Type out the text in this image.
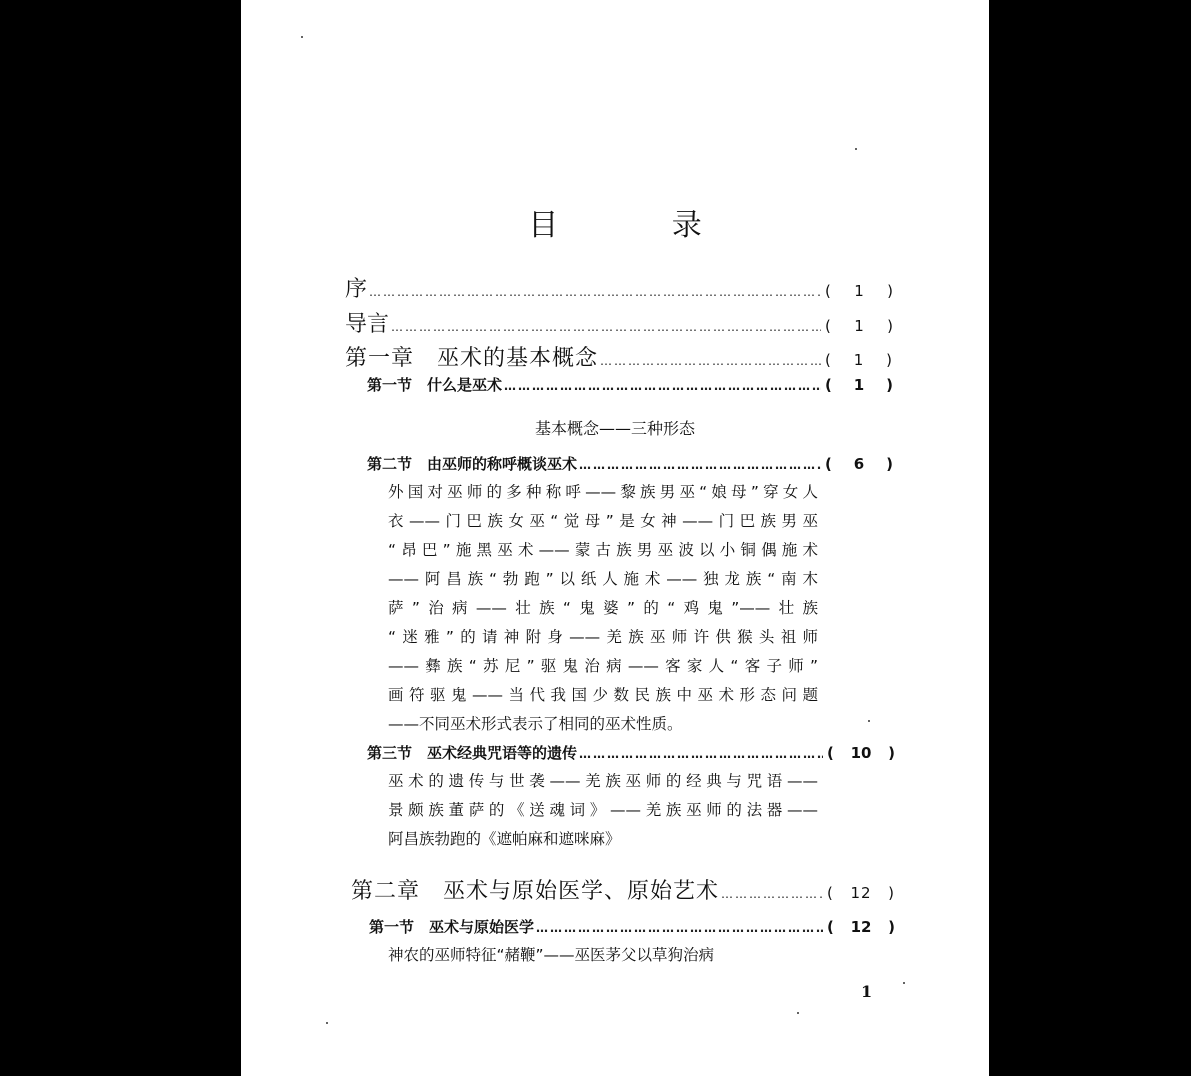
目 录
序 …………………………………………………………………………………………………………………………………………	( 1 )
导言 …………………………………………………………………………………………………………………………………………	( 1 )
第一章　巫术的基本概念 …………………………………………………………………………………………………………………………………………	( 1 )
第一节　什么是巫术 …………………………………………………………………………………………………………………………………………	( 1 )
基本概念——三种形态
第二节　由巫师的称呼概谈巫术 …………………………………………………………………………………………………………………………………………	( 6 )
外国对巫师的多种称呼——黎族男巫“娘母”穿女人
衣——门巴族女巫“觉母”是女神——门巴族男巫
“昂巴”施黑巫术——蒙古族男巫波以小铜偶施术
——阿昌族“勃跑”以纸人施术——独龙族“南木
萨”治病——壮族“鬼婆”的“鸡鬼”——壮族
“迷雅”的请神附身——羌族巫师许供猴头祖师
——彝族“苏尼”驱鬼治病——客家人“客子师”
画符驱鬼——当代我国少数民族中巫术形态问题
——不同巫术形式表示了相同的巫术性质。
第三节　巫术经典咒语等的遗传 …………………………………………………………………………………………………………………………………………	( 10 )
巫术的遗传与世袭——羌族巫师的经典与咒语——
景颇族董萨的《送魂词》——羌族巫师的法器——
阿昌族勃跑的《遮帕麻和遮咪麻》
第二章　巫术与原始医学、原始艺术 …………………………………………………………………………………………………………………………………………	( 12 )
第一节　巫术与原始医学 …………………………………………………………………………………………………………………………………………	( 12 )
神农的巫师特征“赭鞭”——巫医茅父以草狗治病
1
